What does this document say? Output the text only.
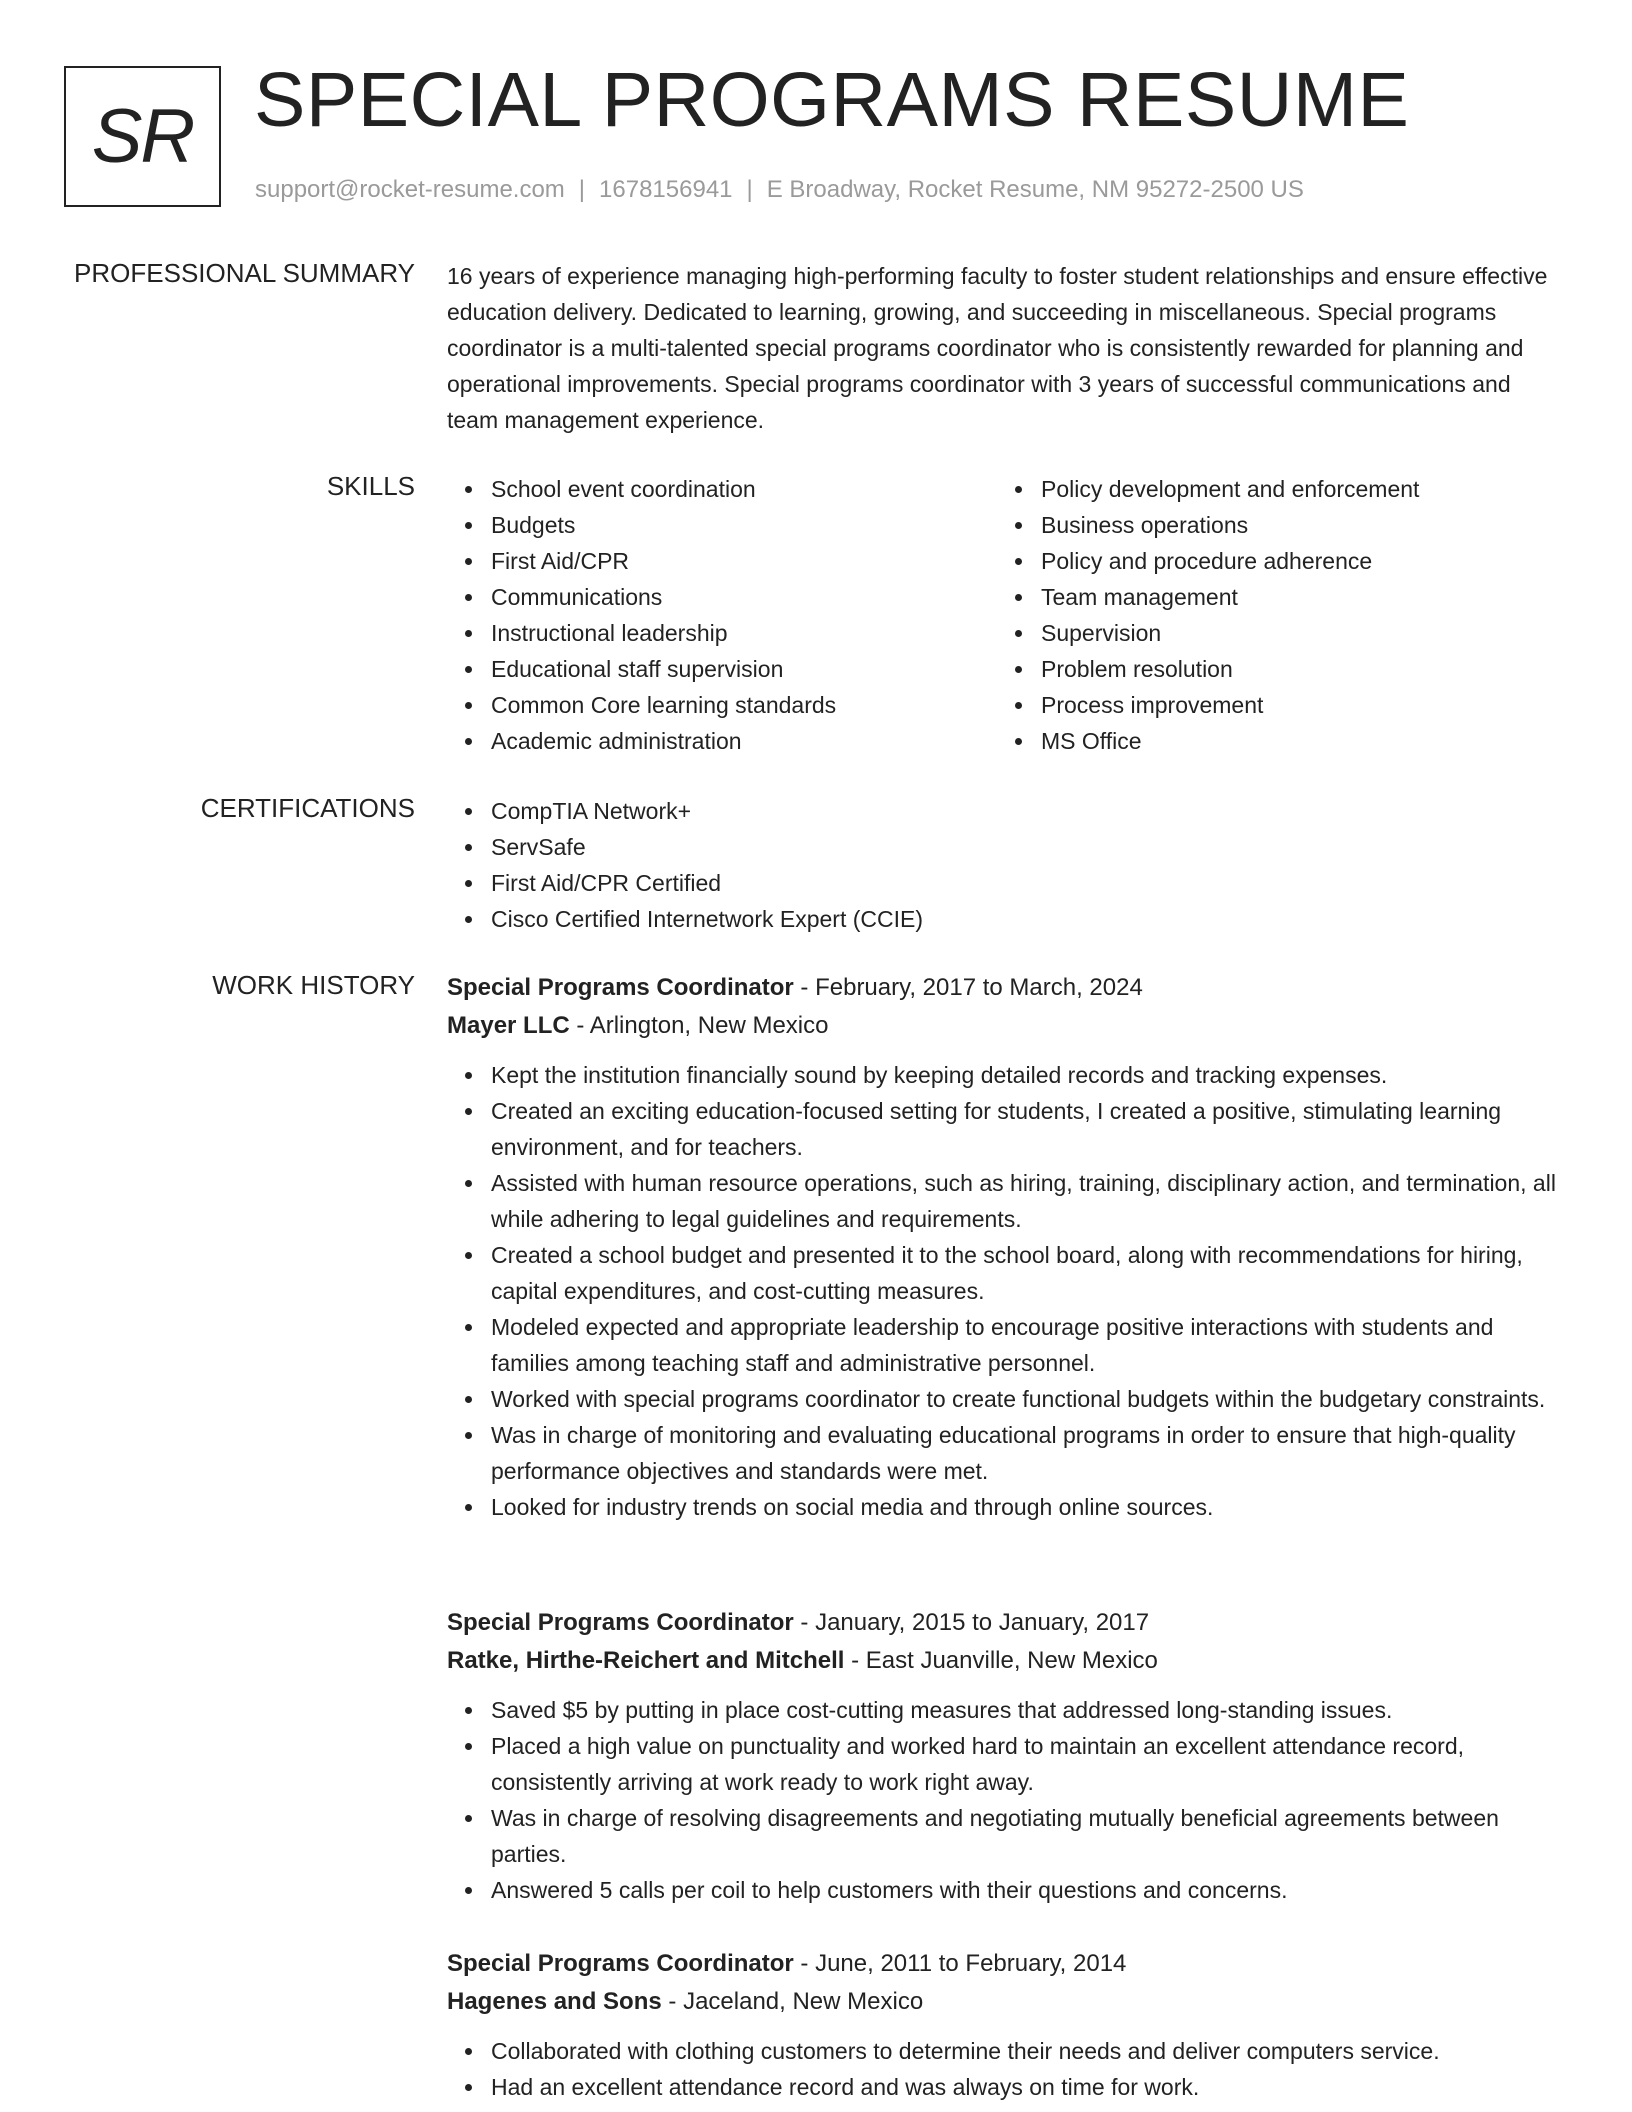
SR SPECIAL PROGRAMS RESUME
support@rocket-resume.com | 1678156941 | E Broadway, Rocket Resume, NM 95272-2500 US
PROFESSIONAL SUMMARY 16 years of experience managing high-performing faculty to foster student relationships and ensure effective education delivery. Dedicated to learning, growing, and succeeding in miscellaneous. Special programs coordinator is a multi-talented special programs coordinator who is consistently rewarded for planning and operational improvements. Special programs coordinator with 3 years of successful communications and team management experience.
SKILLS	School event coordination
Budgets
First Aid/CPR
Communications
Instructional leadership
Educational staff supervision
Common Core learning standards
Academic administration
Policy development and enforcement
Business operations
Policy and procedure adherence
Team management
Supervision
Problem resolution
Process improvement
MS Office
CERTIFICATIONS	CompTIA Network+
ServSafe
First Aid/CPR Certified
Cisco Certified Internetwork Expert (CCIE)
WORK HISTORY Special Programs Coordinator - February, 2017 to March, 2024
Mayer LLC - Arlington, New Mexico
Kept the institution financially sound by keeping detailed records and tracking expenses.
Created an exciting education-focused setting for students, I created a positive, stimulating learning environment, and for teachers.
Assisted with human resource operations, such as hiring, training, disciplinary action, and termination, all while adhering to legal guidelines and requirements.
Created a school budget and presented it to the school board, along with recommendations for hiring, capital expenditures, and cost-cutting measures.
Modeled expected and appropriate leadership to encourage positive interactions with students and families among teaching staff and administrative personnel.
Worked with special programs coordinator to create functional budgets within the budgetary constraints.
Was in charge of monitoring and evaluating educational programs in order to ensure that high-quality performance objectives and standards were met.
Looked for industry trends on social media and through online sources.
Special Programs Coordinator - January, 2015 to January, 2017
Ratke, Hirthe-Reichert and Mitchell - East Juanville, New Mexico
Saved $5 by putting in place cost-cutting measures that addressed long-standing issues.
Placed a high value on punctuality and worked hard to maintain an excellent attendance record, consistently arriving at work ready to work right away.
Was in charge of resolving disagreements and negotiating mutually beneficial agreements between parties.
Answered 5 calls per coil to help customers with their questions and concerns.
Special Programs Coordinator - June, 2011 to February, 2014
Hagenes and Sons - Jaceland, New Mexico
Collaborated with clothing customers to determine their needs and deliver computers service.
Had an excellent attendance record and was always on time for work.
